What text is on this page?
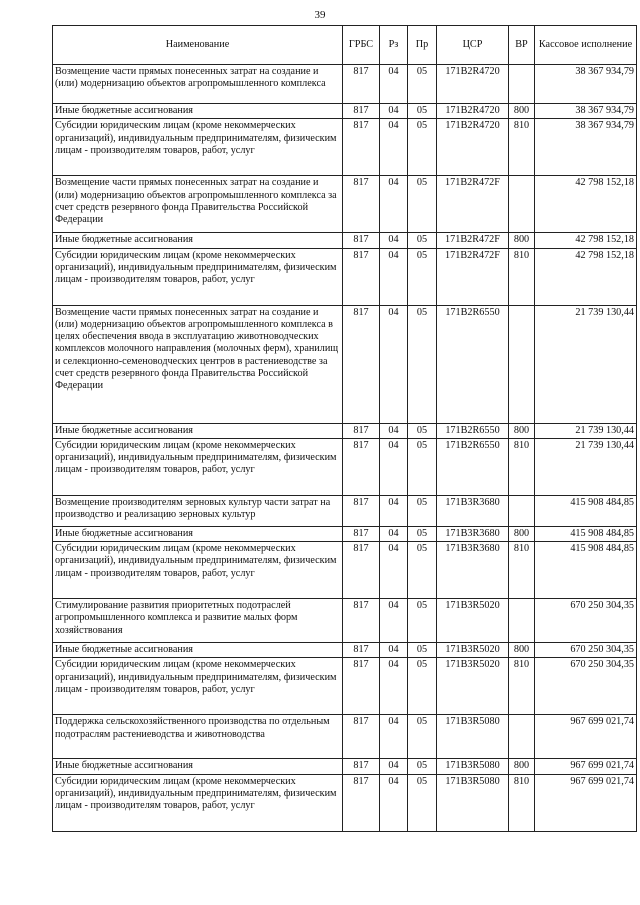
39
Наименование	ГРБС	Рз	Пр	ЦСР	ВР	Кассовое исполнение
Возмещение части прямых понесенных затрат на создание и (или) модернизацию объектов агропромышленного комплекса	817	04	05	171B2R4720		38 367 934,79
Иные бюджетные ассигнования	817	04	05	171B2R4720	800	38 367 934,79
Субсидии юридическим лицам (кроме некоммерческих организаций), индивидуальным предпринимателям, физическим лицам - производителям товаров, работ, услуг	817	04	05	171B2R4720	810	38 367 934,79
Возмещение части прямых понесенных затрат на создание и (или) модернизацию объектов агропромышленного комплекса за счет средств резервного фонда Правительства Российской Федерации	817	04	05	171B2R472F		42 798 152,18
Иные бюджетные ассигнования	817	04	05	171B2R472F	800	42 798 152,18
Субсидии юридическим лицам (кроме некоммерческих организаций), индивидуальным предпринимателям, физическим лицам - производителям товаров, работ, услуг	817	04	05	171B2R472F	810	42 798 152,18
Возмещение части прямых понесенных затрат на создание и (или) модернизацию объектов агропромышленного комплекса в целях обеспечения ввода в эксплуатацию животноводческих комплексов молочного направления (молочных ферм), хранилищ и селекционно-семеноводческих центров в растениеводстве за счет средств резервного фонда Правительства Российской Федерации	817	04	05	171B2R6550		21 739 130,44
Иные бюджетные ассигнования	817	04	05	171B2R6550	800	21 739 130,44
Субсидии юридическим лицам (кроме некоммерческих организаций), индивидуальным предпринимателям, физическим лицам - производителям товаров, работ, услуг	817	04	05	171B2R6550	810	21 739 130,44
Возмещение производителям зерновых культур части затрат на производство и реализацию зерновых культур	817	04	05	171B3R3680		415 908 484,85
Иные бюджетные ассигнования	817	04	05	171B3R3680	800	415 908 484,85
Субсидии юридическим лицам (кроме некоммерческих организаций), индивидуальным предпринимателям, физическим лицам - производителям товаров, работ, услуг	817	04	05	171B3R3680	810	415 908 484,85
Стимулирование развития приоритетных подотраслей агропромышленного комплекса и развитие малых форм хозяйствования	817	04	05	171B3R5020		670 250 304,35
Иные бюджетные ассигнования	817	04	05	171B3R5020	800	670 250 304,35
Субсидии юридическим лицам (кроме некоммерческих организаций), индивидуальным предпринимателям, физическим лицам - производителям товаров, работ, услуг	817	04	05	171B3R5020	810	670 250 304,35
Поддержка сельскохозяйственного производства по отдельным подотраслям растениеводства и животноводства	817	04	05	171B3R5080		967 699 021,74
Иные бюджетные ассигнования	817	04	05	171B3R5080	800	967 699 021,74
Субсидии юридическим лицам (кроме некоммерческих организаций), индивидуальным предпринимателям, физическим лицам - производителям товаров, работ, услуг	817	04	05	171B3R5080	810	967 699 021,74
